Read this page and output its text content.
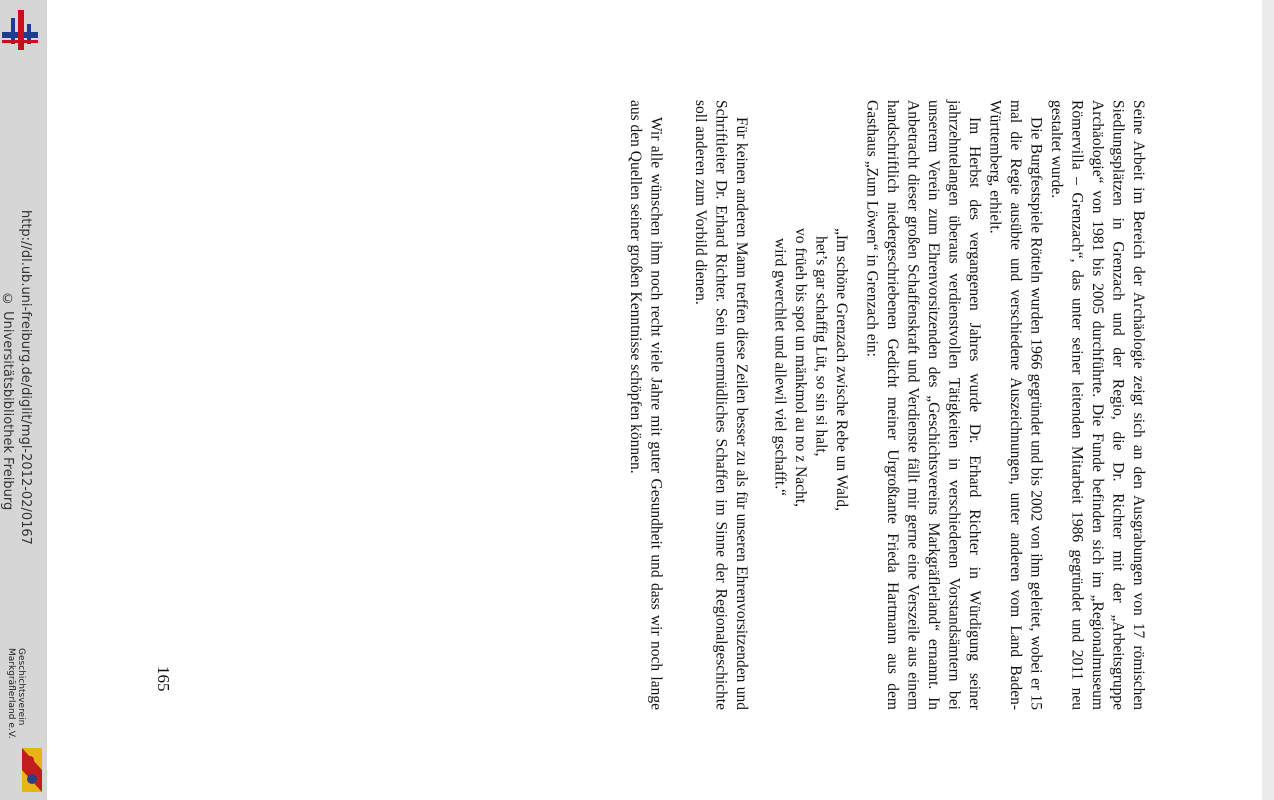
http://dl.ub.uni-freiburg.de/diglit/mgl-2012-02/0167
© Universitätsbibliothek Freiburg
Geschichtsverein
Markgräflerland e.V.	165	Seine Arbeit im Bereich der Archäologie zeigt sich an den Ausgrabungen von 17 römischen Siedlungsplätzen in Grenzach und der Regio, die Dr. Richter mit der „Arbeitsgruppe Archäologie“ von 1981 bis 2005 durchführte. Die Funde befinden sich im „Regionalmuseum Römervilla – Grenzach“, das unter seiner leitenden Mitarbeit 1986 gegründet und 2011 neu gestaltet wurde.

Die Burgfestspiele Rötteln wurden 1966 gegründet und bis 2002 von ihm geleitet, wobei er 15 mal die Regie ausübte und verschiedene Auszeichnungen, unter anderen vom Land Baden-Württemberg, erhielt.

Im Herbst des vergangenen Jahres wurde Dr. Erhard Richter in Würdigung seiner jahrzehntelangen überaus verdienstvollen Tätigkeiten in verschiedenen Vorstandsämtern bei unserem Verein zum Ehrenvorsitzenden des „Geschichtsvereins Markgräflerland“ ernannt. In Anbetracht dieser großen Schaffenskraft und Verdienste fällt mir gerne eine Verszeile aus einem handschriftlich niedergeschriebenen Gedicht meiner Urgroßtante Frieda Hartmann aus dem Gasthaus „Zum Löwen“ in Grenzach ein:

„Im schöne Grenzach zwische Rebe un Wald,
het’s gar schaffig Lüt, so sin si halt,
vo früeh bis spot un mänkmol au no z Nacht,
wird gwerchlet und allewil viel gschafft.“

Für keinen anderen Mann treffen diese Zeilen besser zu als für unseren Ehrenvorsitzenden und Schriftleiter Dr. Erhard Richter. Sein unermüdliches Schaffen im Sinne der Regionalgeschichte soll anderen zum Vorbild dienen.

Wir alle wünschen ihm noch recht viele Jahre mit guter Gesundheit und dass wir noch lange aus den Quellen seiner großen Kenntnisse schöpfen können.
